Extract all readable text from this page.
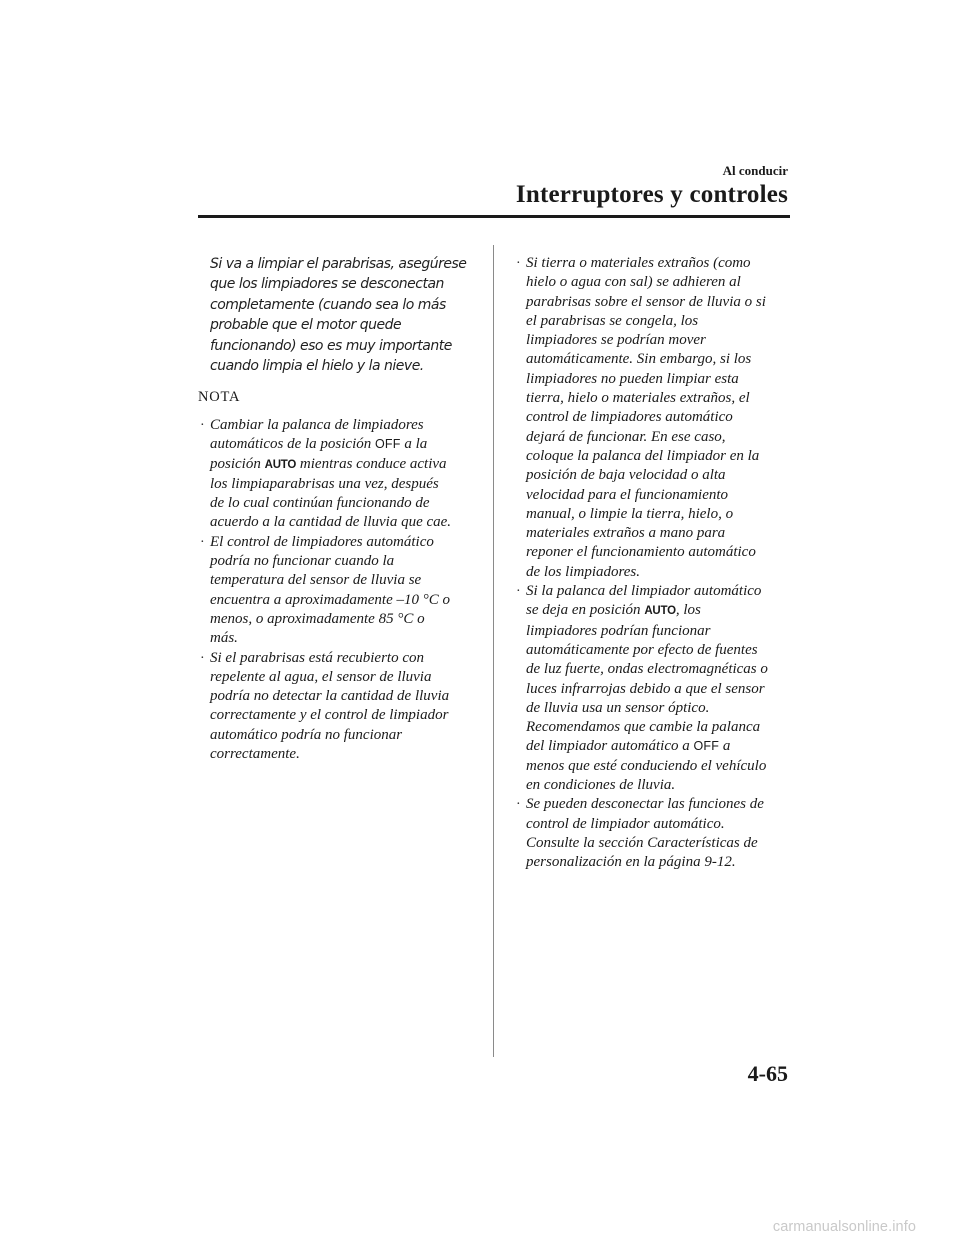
Al conducir
Interruptores y controles
Si va a limpiar el parabrisas, asegúrese
que los limpiadores se desconectan
completamente (cuando sea lo más
probable que el motor quede
funcionando) eso es muy importante
cuando limpia el hielo y la nieve.
NOTA
· Cambiar la palanca de limpiadores
automáticos de la posición OFF a la
posición AUTO mientras conduce activa
los limpiaparabrisas una vez, después
de lo cual continúan funcionando de
acuerdo a la cantidad de lluvia que cae.
· El control de limpiadores automático
podría no funcionar cuando la
temperatura del sensor de lluvia se
encuentra a aproximadamente –10 °C o
menos, o aproximadamente 85 °C o
más.
· Si el parabrisas está recubierto con
repelente al agua, el sensor de lluvia
podría no detectar la cantidad de lluvia
correctamente y el control de limpiador
automático podría no funcionar
correctamente.
· Si tierra o materiales extraños (como
hielo o agua con sal) se adhieren al
parabrisas sobre el sensor de lluvia o si
el parabrisas se congela, los
limpiadores se podrían mover
automáticamente. Sin embargo, si los
limpiadores no pueden limpiar esta
tierra, hielo o materiales extraños, el
control de limpiadores automático
dejará de funcionar. En ese caso,
coloque la palanca del limpiador en la
posición de baja velocidad o alta
velocidad para el funcionamiento
manual, o limpie la tierra, hielo, o
materiales extraños a mano para
reponer el funcionamiento automático
de los limpiadores.
· Si la palanca del limpiador automático
se deja en posición AUTO, los
limpiadores podrían funcionar
automáticamente por efecto de fuentes
de luz fuerte, ondas electromagnéticas o
luces infrarrojas debido a que el sensor
de lluvia usa un sensor óptico.
Recomendamos que cambie la palanca
del limpiador automático a OFF a
menos que esté conduciendo el vehículo
en condiciones de lluvia.
· Se pueden desconectar las funciones de
control de limpiador automático.
Consulte la sección Características de
personalización en la página 9-12.
4-65
carmanualsonline.info
